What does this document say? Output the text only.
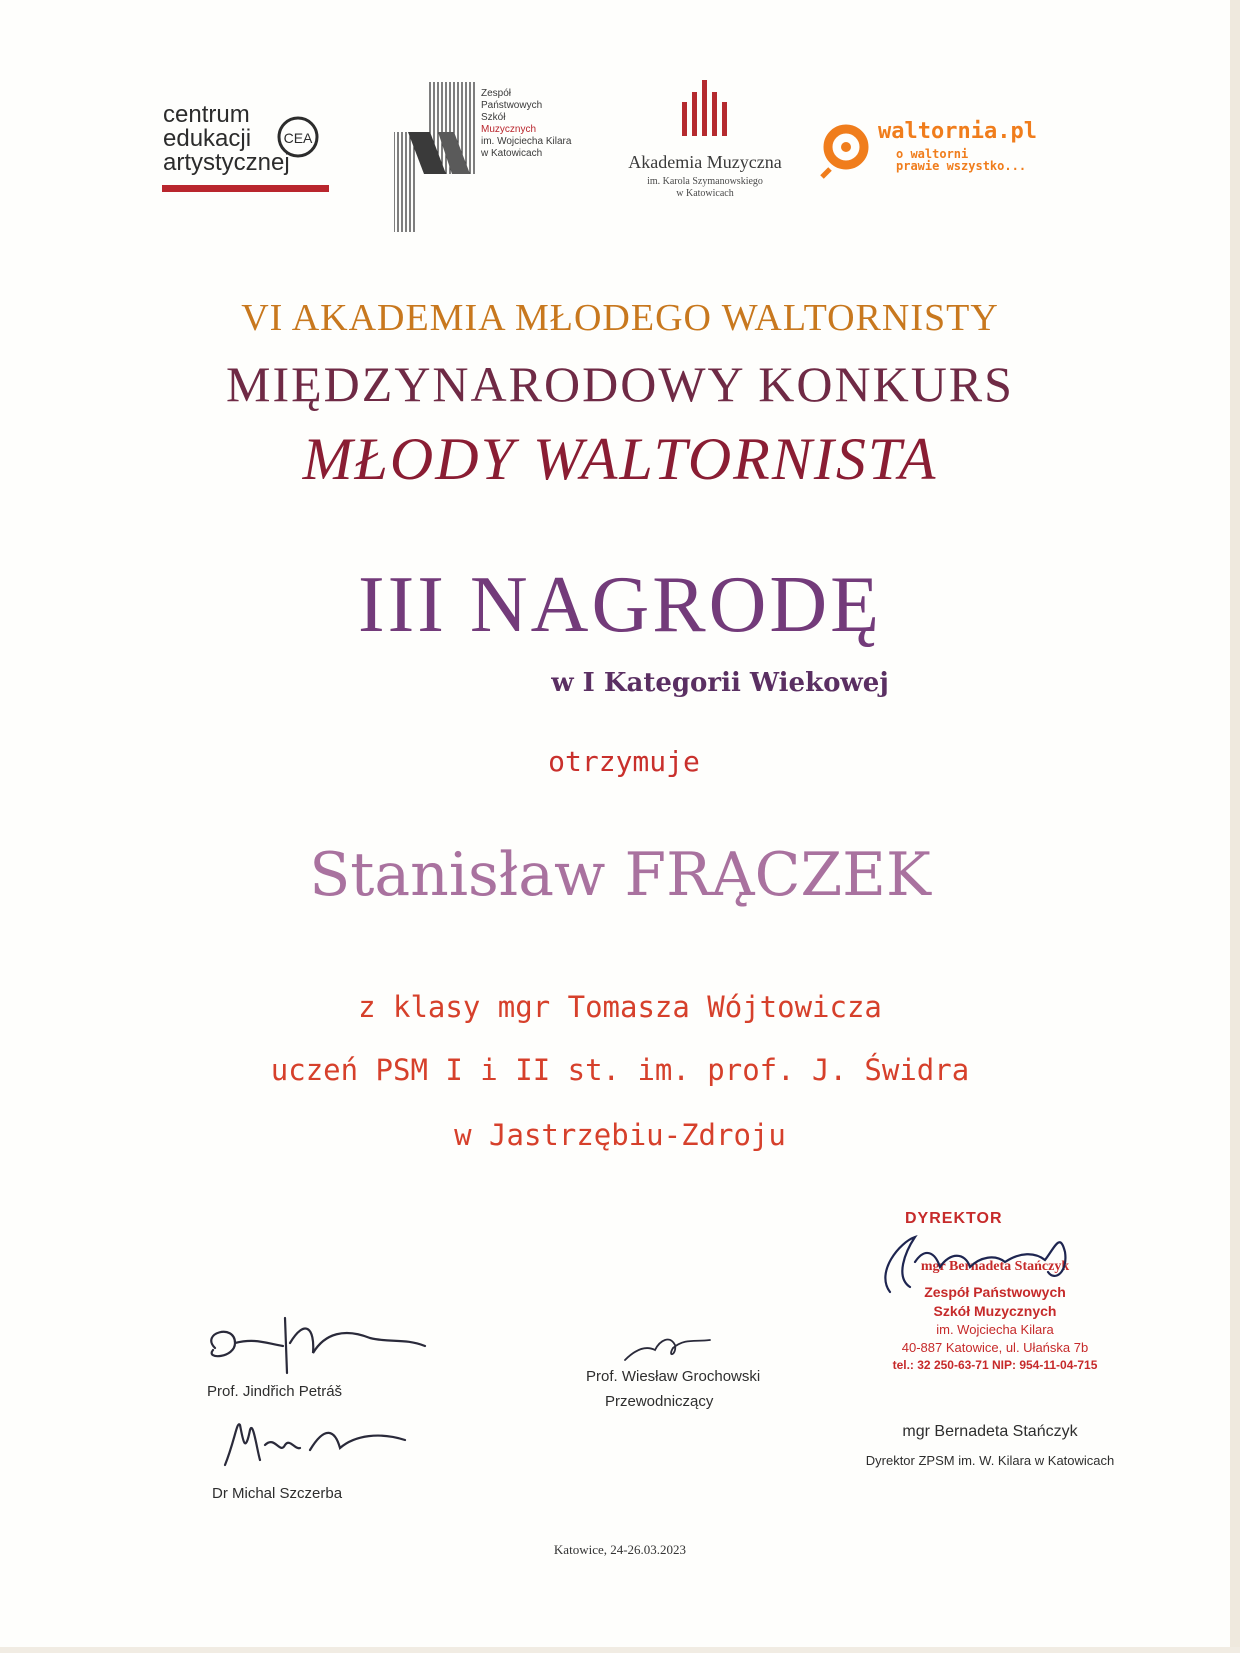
centrum
edukacji
artystycznej
CEA
Zespół
Państwowych
Szkół
Muzycznych
im. Wojciecha Kilara
w Katowicach	Akademia Muzyczna
im. Karola Szymanowskiego
w Katowicach
waltornia.pl
o waltorni
prawie wszystko...
VI AKADEMIA MŁODEGO WALTORNISTY
MIĘDZYNARODOWY KONKURS
MŁODY WALTORNISTA
III NAGRODĘ
w I Kategorii Wiekowej
otrzymuje
Stanisław FRĄCZEK
z klasy mgr Tomasza Wójtowicza
uczeń PSM I i II st. im. prof. J. Świdra
w Jastrzębiu-Zdroju
Prof. Jindřich Petráš
Dr Michal Szczerba
Prof. Wiesław Grochowski
Przewodniczący
DYREKTOR
mgr Bernadeta Stańczyk
Zespół Państwowych
Szkół Muzycznych
im. Wojciecha Kilara
40-887 Katowice, ul. Ułańska 7b
tel.: 32 250-63-71 NIP: 954-11-04-715
mgr Bernadeta Stańczyk
Dyrektor ZPSM im. W. Kilara w Katowicach
Katowice, 24-26.03.2023
